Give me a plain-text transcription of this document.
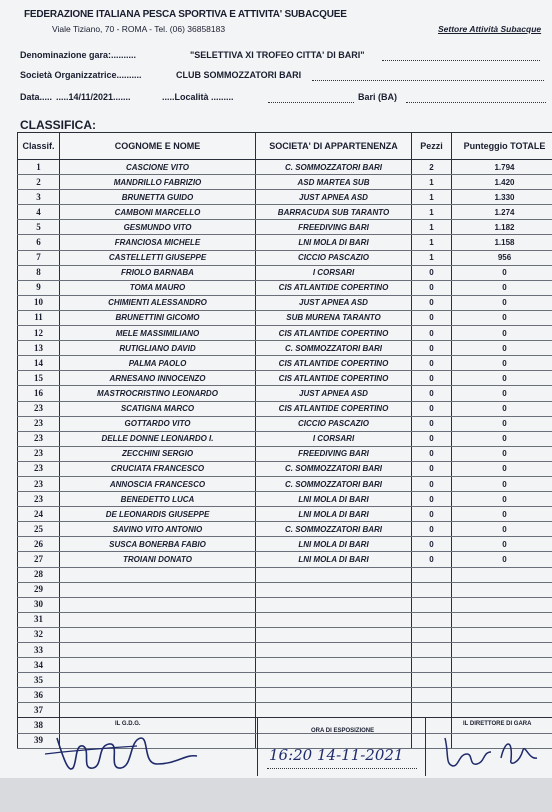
FEDERAZIONE ITALIANA PESCA SPORTIVA E ATTIVITA' SUBACQUEE
Viale Tiziano, 70 - ROMA - Tel. (06) 36858183	Settore Attività Subacque
Denominazione gara:..........	"SELETTIVA XI TROFEO CITTA' DI BARI"
Società Organizzatrice..........	CLUB SOMMOZZATORI BARI
Data..... .....14/11/2021.......	.....Località .........	Bari (BA)
CLASSIFICA:
Classif.	COGNOME E NOME	SOCIETA' DI APPARTENENZA	Pezzi	Punteggio TOTALE
1	CASCIONE VITO	C. SOMMOZZATORI BARI	2	1.794
2	MANDRILLO FABRIZIO	ASD MARTEA SUB	1	1.420
3	BRUNETTA GUIDO	JUST APNEA ASD	1	1.330
4	CAMBONI MARCELLO	BARRACUDA SUB TARANTO	1	1.274
5	GESMUNDO VITO	FREEDIVING BARI	1	1.182
6	FRANCIOSA MICHELE	LNI MOLA DI BARI	1	1.158
7	CASTELLETTI GIUSEPPE	CICCIO PASCAZIO	1	956
8	FRIOLO BARNABA	I CORSARI	0	0
9	TOMA MAURO	CIS ATLANTIDE COPERTINO	0	0
10	CHIMIENTI ALESSANDRO	JUST APNEA ASD	0	0
11	BRUNETTINI GICOMO	SUB MURENA TARANTO	0	0
12	MELE MASSIMILIANO	CIS ATLANTIDE COPERTINO	0	0
13	RUTIGLIANO DAVID	C. SOMMOZZATORI BARI	0	0
14	PALMA PAOLO	CIS ATLANTIDE COPERTINO	0	0
15	ARNESANO INNOCENZO	CIS ATLANTIDE COPERTINO	0	0
16	MASTROCRISTINO LEONARDO	JUST APNEA ASD	0	0
23	SCATIGNA MARCO	CIS ATLANTIDE COPERTINO	0	0
23	GOTTARDO VITO	CICCIO PASCAZIO	0	0
23	DELLE DONNE LEONARDO I.	I CORSARI	0	0
23	ZECCHINI SERGIO	FREEDIVING BARI	0	0
23	CRUCIATA FRANCESCO	C. SOMMOZZATORI BARI	0	0
23	ANNOSCIA FRANCESCO	C. SOMMOZZATORI BARI	0	0
23	BENEDETTO LUCA	LNI MOLA DI BARI	0	0
24	DE LEONARDIS GIUSEPPE	LNI MOLA DI BARI	0	0
25	SAVINO VITO ANTONIO	C. SOMMOZZATORI BARI	0	0
26	SUSCA BONERBA FABIO	LNI MOLA DI BARI	0	0
27	TROIANI DONATO	LNI MOLA DI BARI	0	0
28				
29				
30				
31				
32				
33				
34				
35				
36				
37				
38				
39				
IL G.D.G.
ORA DI ESPOSIZIONE
16:20 14-11-2021
IL DIRETTORE DI GARA
